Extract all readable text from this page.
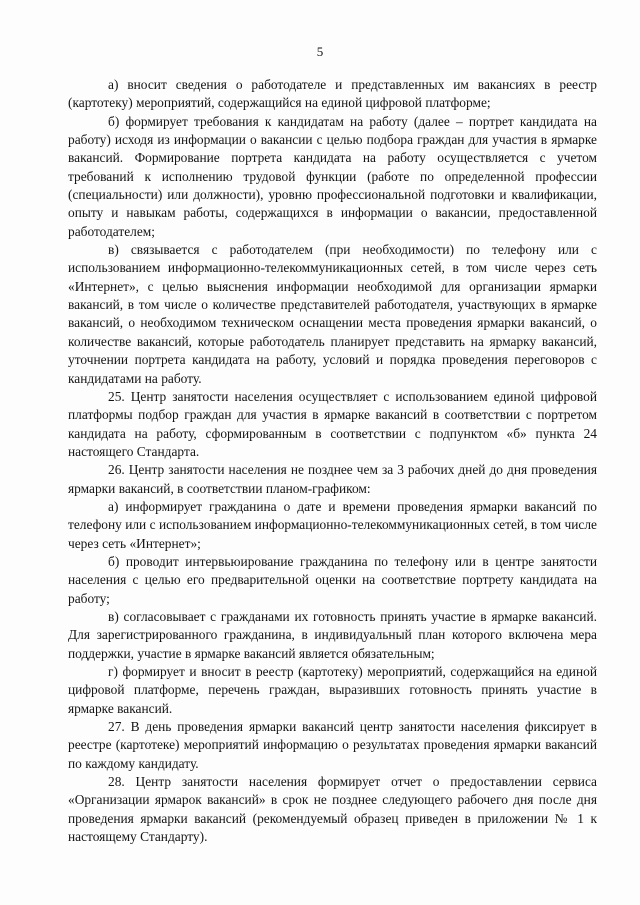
5

а) вносит сведения о работодателе и представленных им вакансиях в реестр (картотеку) мероприятий, содержащийся на единой цифровой платформе;

б) формирует требования к кандидатам на работу (далее – портрет кандидата на работу) исходя из информации о вакансии с целью подбора граждан для участия в ярмарке вакансий. Формирование портрета кандидата на работу осуществляется с учетом требований к исполнению трудовой функции (работе по определенной профессии (специальности) или должности), уровню профессиональной подготовки и квалификации, опыту и навыкам работы, содержащихся в информации о вакансии, предоставленной работодателем;

в) связывается с работодателем (при необходимости) по телефону или с использованием информационно-телекоммуникационных сетей, в том числе через сеть «Интернет», с целью выяснения информации необходимой для организации ярмарки вакансий, в том числе о количестве представителей работодателя, участвующих в ярмарке вакансий, о необходимом техническом оснащении места проведения ярмарки вакансий, о количестве вакансий, которые работодатель планирует представить на ярмарку вакансий, уточнении портрета кандидата на работу, условий и порядка проведения переговоров с кандидатами на работу.

25. Центр занятости населения осуществляет с использованием единой цифровой платформы подбор граждан для участия в ярмарке вакансий в соответствии с портретом кандидата на работу, сформированным в соответствии с подпунктом «б» пункта 24 настоящего Стандарта.

26. Центр занятости населения не позднее чем за 3 рабочих дней до дня проведения ярмарки вакансий, в соответствии планом-графиком:

а) информирует гражданина о дате и времени проведения ярмарки вакансий по телефону или с использованием информационно-телекоммуникационных сетей, в том числе через сеть «Интернет»;

б) проводит интервьюирование гражданина по телефону или в центре занятости населения с целью его предварительной оценки на соответствие портрету кандидата на работу;

в) согласовывает с гражданами их готовность принять участие в ярмарке вакансий. Для зарегистрированного гражданина, в индивидуальный план которого включена мера поддержки, участие в ярмарке вакансий является обязательным;

г) формирует и вносит в реестр (картотеку) мероприятий, содержащийся на единой цифровой платформе, перечень граждан, выразивших готовность принять участие в ярмарке вакансий.

27. В день проведения ярмарки вакансий центр занятости населения фиксирует в реестре (картотеке) мероприятий информацию о результатах проведения ярмарки вакансий по каждому кандидату.

28. Центр занятости населения формирует отчет о предоставлении сервиса «Организации ярмарок вакансий» в срок не позднее следующего рабочего дня после дня проведения ярмарки вакансий (рекомендуемый образец приведен в приложении № 1 к настоящему Стандарту).
